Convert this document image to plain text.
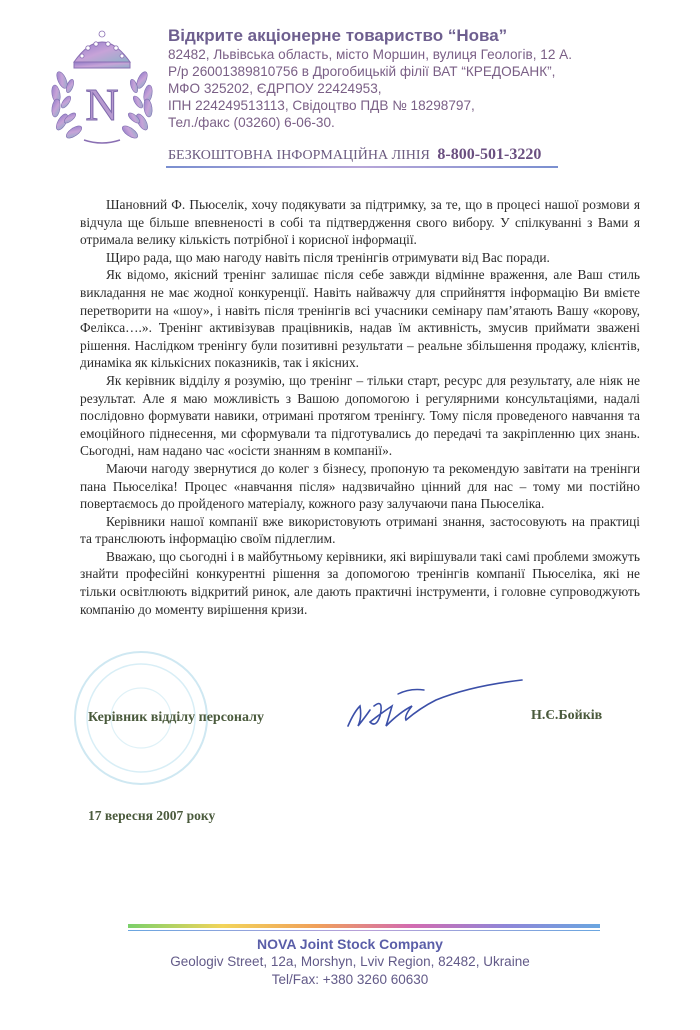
N
Відкрите акціонерне товариство “Нова”
82482, Львівська область, місто Моршин, вулиця Геологів, 12 А.
Р/р 26001389810756 в Дрогобицькій філії ВАТ “КРЕДОБАНК”,
МФО 325202, ЄДРПОУ 22424953,
ІПН 224249513113, Свідоцтво ПДВ № 18298797,
Тел./факс (03260) 6-06-30.
БЕЗКОШТОВНА ІНФОРМАЦІЙНА ЛІНІЯ 8-800-501-3220

Шановний Ф. Пьюселік, хочу подякувати за підтримку, за те, що в процесі нашої розмови я відчула ще більше впевненості в собі та підтвердження свого вибору. У спілкуванні з Вами я отримала велику кількість потрібної і корисної інформації.

Щиро рада, що маю нагоду навіть після тренінгів отримувати від Вас поради.

Як відомо, якісний тренінг залишає після себе завжди відмінне враження, але Ваш стиль викладання не має жодної конкуренції. Навіть найважчу для сприйняття інформацію Ви вмієте перетворити на «шоу», і навіть після тренінгів всі учасники семінару пам’ятають Вашу «корову, Фелікса….». Тренінг активізував працівників, надав їм активність, змусив приймати зважені рішення. Наслідком тренінгу були позитивні результати – реальне збільшення продажу, клієнтів, динаміка як кількісних показників, так і якісних.

Як керівник відділу я розумію, що тренінг – тільки старт, ресурс для результату, але ніяк не результат. Але я маю можливість з Вашою допомогою і регулярними консультаціями, надалі послідовно формувати навики, отримані протягом тренінгу. Тому після проведеного навчання та емоційного піднесення, ми сформували та підготувались до передачі та закріпленню цих знань. Сьогодні, нам надано час «осісти знанням в компанії».

Маючи нагоду звернутися до колег з бізнесу, пропоную та рекомендую завітати на тренінги пана Пьюселіка! Процес «навчання після» надзвичайно цінний для нас – тому ми постійно повертаємось до пройденого матеріалу, кожного разу залучаючи пана Пьюселіка.

Керівники нашої компанії вже використовують отримані знання, застосовують на практиці та транслюють інформацію своїм підлеглим.

Вважаю, що сьогодні і в майбутньому керівники, які вирішували такі самі проблеми зможуть знайти професійні конкурентні рішення за допомогою тренінгів компанії Пьюселіка, які не тільки освітлюють відкритий ринок, але дають практичні інструменти, і головне супроводжують компанію до моменту вирішення кризи.

Керівник відділу персоналу	Н.Є.Бойків
17 вересня 2007 року
NOVA Joint Stock Company
Geologiv Street, 12a, Morshyn, Lviv Region, 82482, Ukraine
Tel/Fax: +380 3260 60630
